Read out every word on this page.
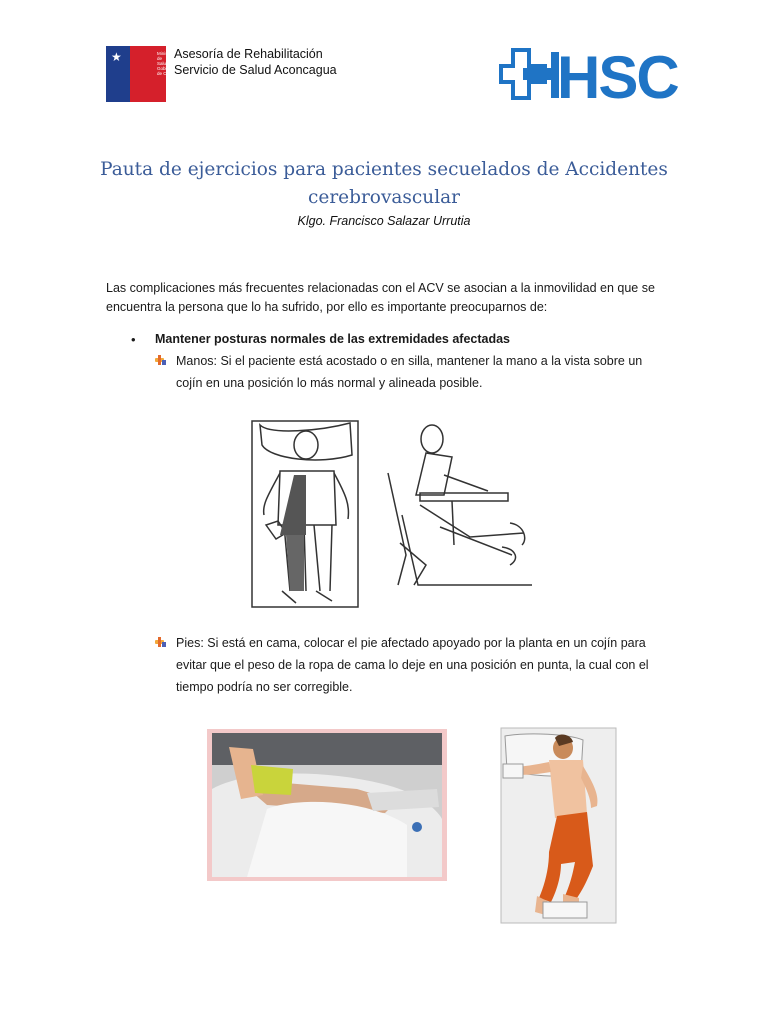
★	Ministerio de
Salud
Gobierno de Chile
Asesoría de Rehabilitación
Servicio de Salud Aconcagua	HSC
Pauta de ejercicios para pacientes secuelados de Accidentes
cerebrovascular
Klgo. Francisco Salazar Urrutia
Las complicaciones más frecuentes relacionadas con el ACV se asocian a la inmovilidad en que se
encuentra la persona que lo ha sufrido, por ello es importante preocuparnos de:
• Mantener posturas normales de las extremidades afectadas
Manos: Si el paciente está acostado o en silla, mantener la mano a la vista sobre un
cojín en una posición lo más normal y alineada posible.
Pies: Si está en cama, colocar el pie afectado apoyado por la planta en un cojín para
evitar que el peso de la ropa de cama lo deje en una posición en punta, la cual con el
tiempo podría no ser corregible.
